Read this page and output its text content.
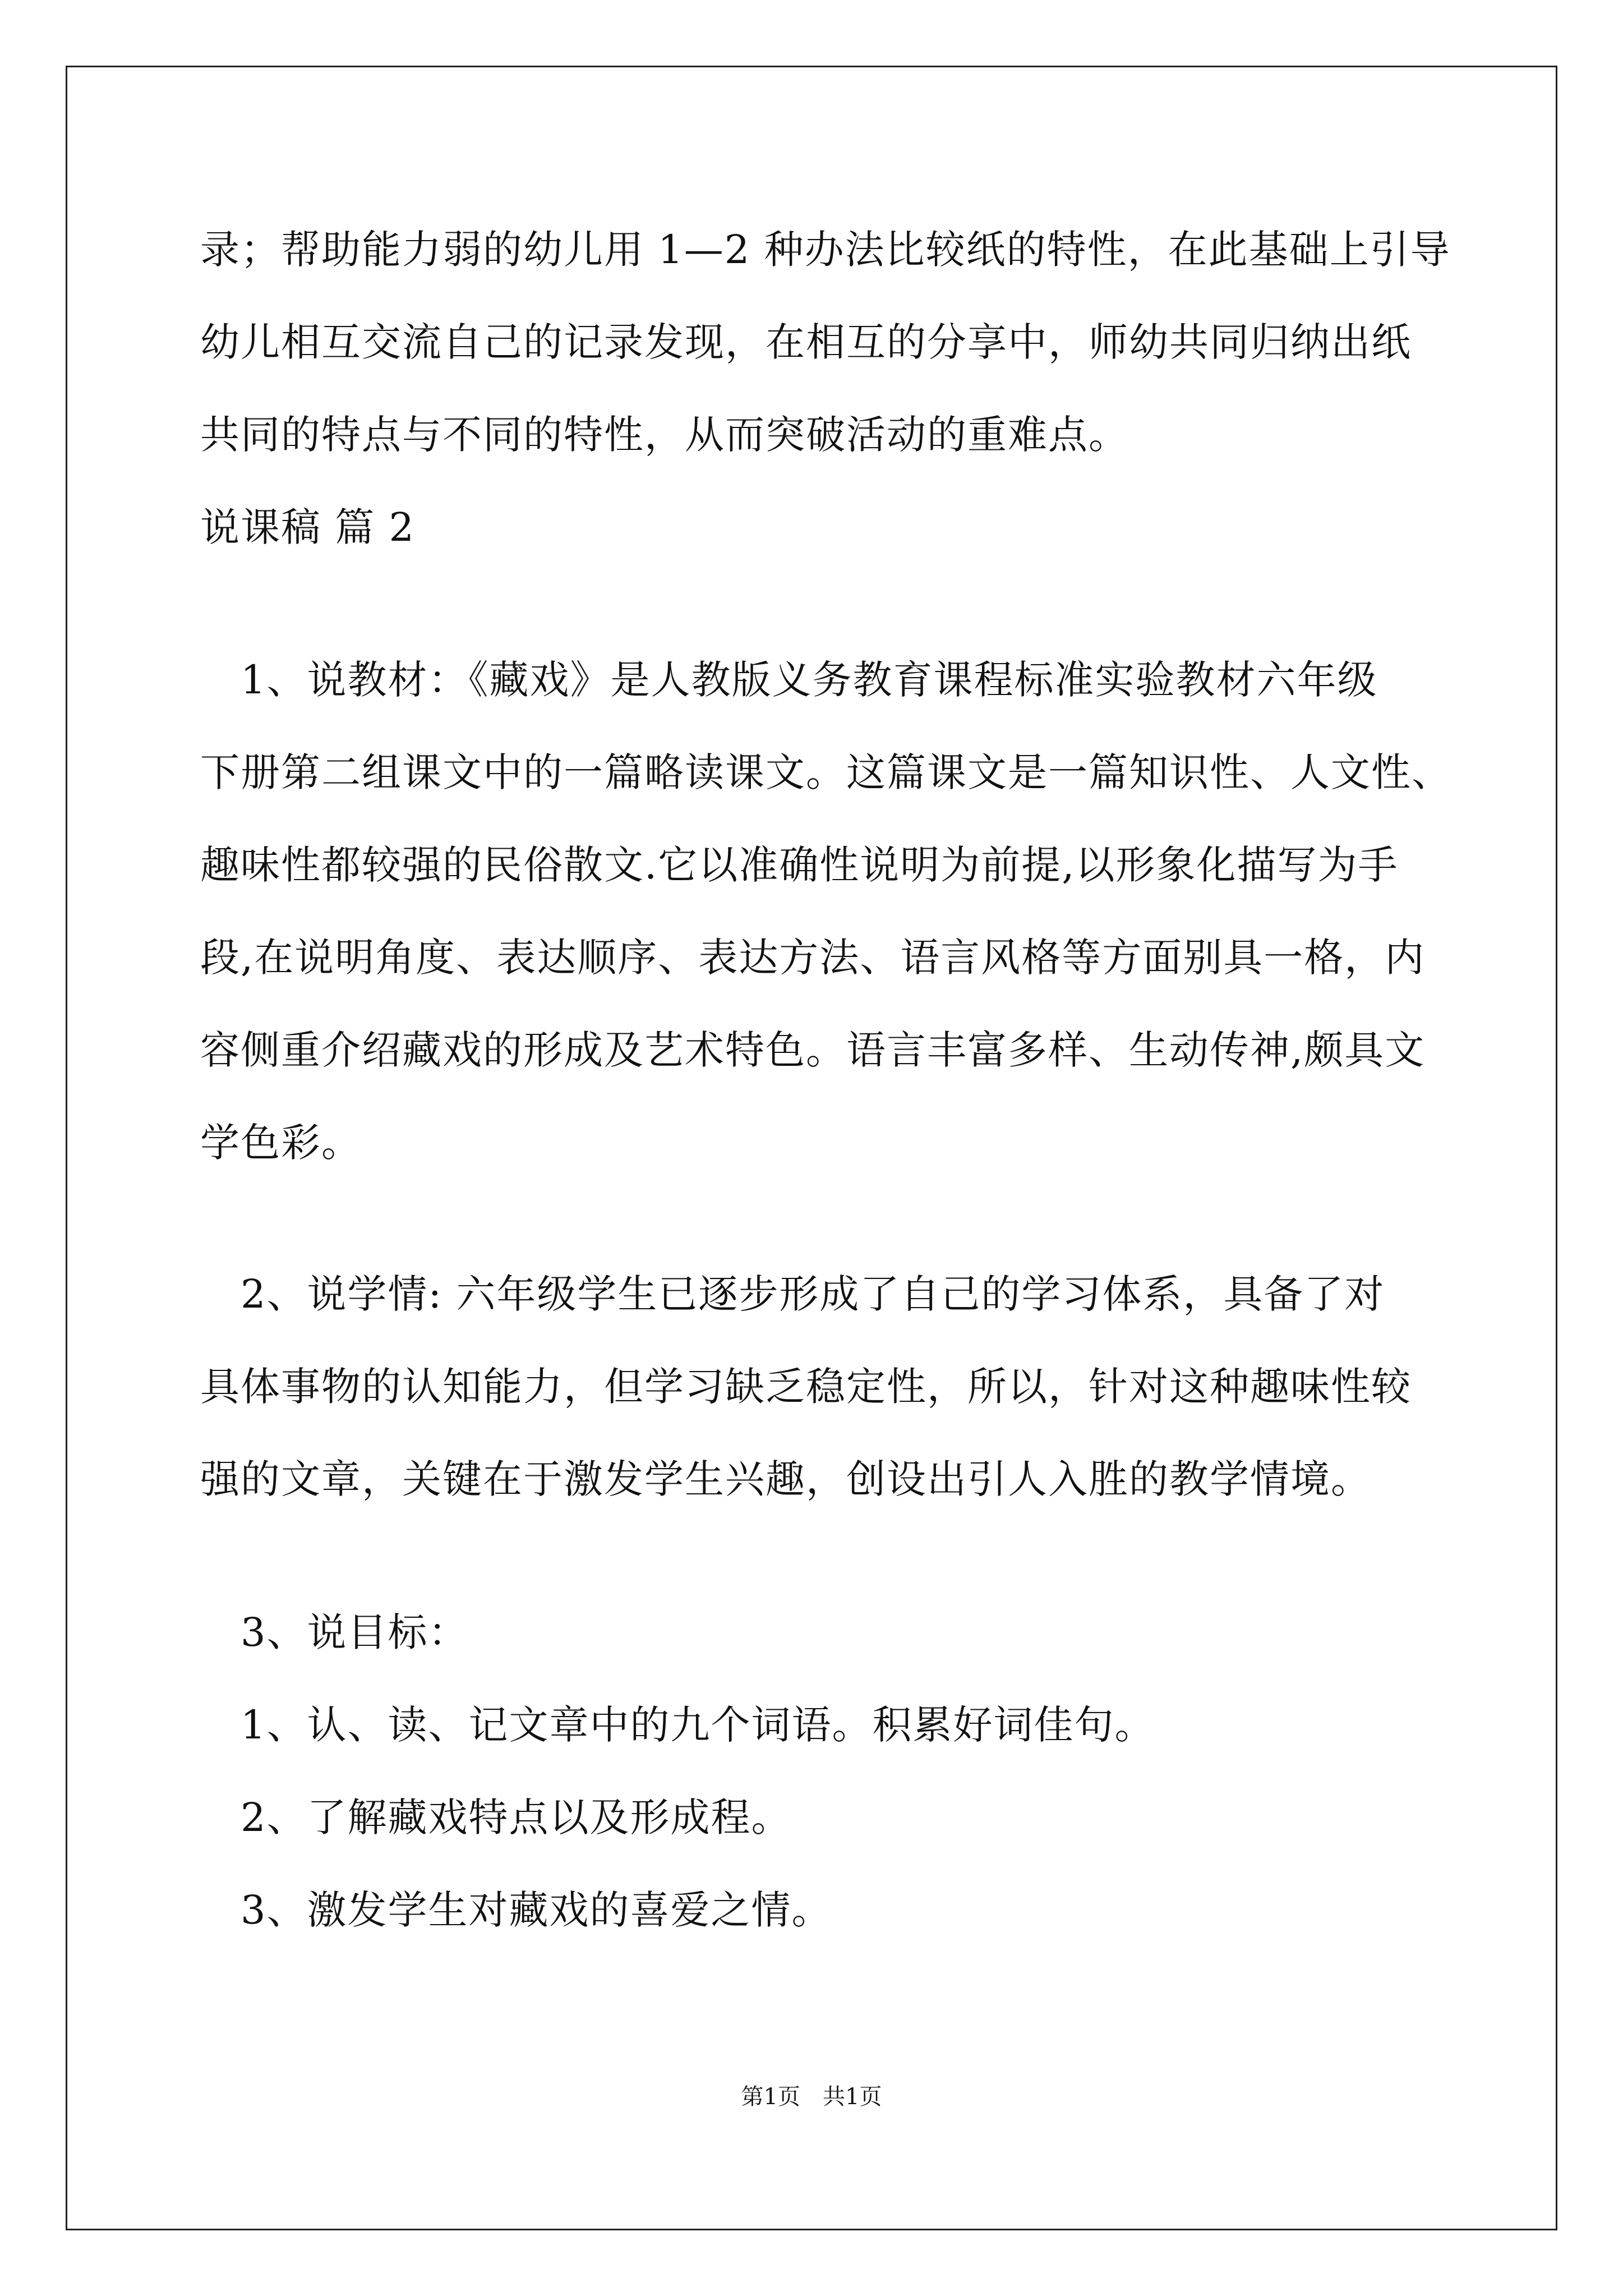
录；帮助能力弱的幼儿用 1—2 种办法比较纸的特性，在此基础上引导
幼儿相互交流自己的记录发现，在相互的分享中，师幼共同归纳出纸
共同的特点与不同的特性，从而突破活动的重难点。
说课稿 篇 2
　1、说教材：《藏戏》是人教版义务教育课程标准实验教材六年级
下册第二组课文中的一篇略读课文。这篇课文是一篇知识性、人文性、
趣味性都较强的民俗散文.它以准确性说明为前提,以形象化描写为手
段,在说明角度、表达顺序、表达方法、语言风格等方面别具一格，内
容侧重介绍藏戏的形成及艺术特色。语言丰富多样、生动传神,颇具文
学色彩。
　2、说学情: 六年级学生已逐步形成了自己的学习体系，具备了对
具体事物的认知能力，但学习缺乏稳定性，所以，针对这种趣味性较
强的文章，关键在于激发学生兴趣，创设出引人入胜的教学情境。
　3、说目标：
　1、认、读、记文章中的九个词语。积累好词佳句。
　2、了解藏戏特点以及形成程。
　3、激发学生对藏戏的喜爱之情。
第1页　共1页
